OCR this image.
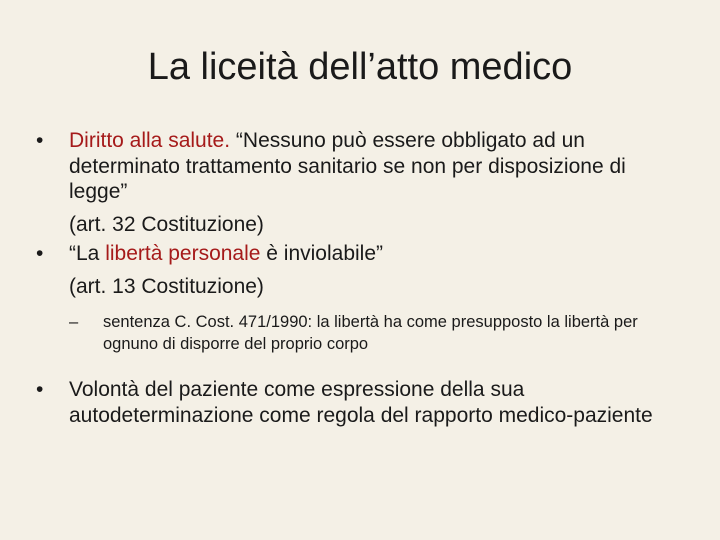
La liceità dell’atto medico
• Diritto alla salute. “Nessuno può essere obbligato ad un determinato trattamento sanitario se non per disposizione di legge”
(art. 32 Costituzione)
• “La libertà personale è inviolabile”
(art. 13 Costituzione)
– sentenza C. Cost. 471/1990: la libertà ha come presupposto la libertà per ognuno di disporre del proprio corpo
• Volontà del paziente come espressione della sua autodeterminazione come regola del rapporto medico-paziente
